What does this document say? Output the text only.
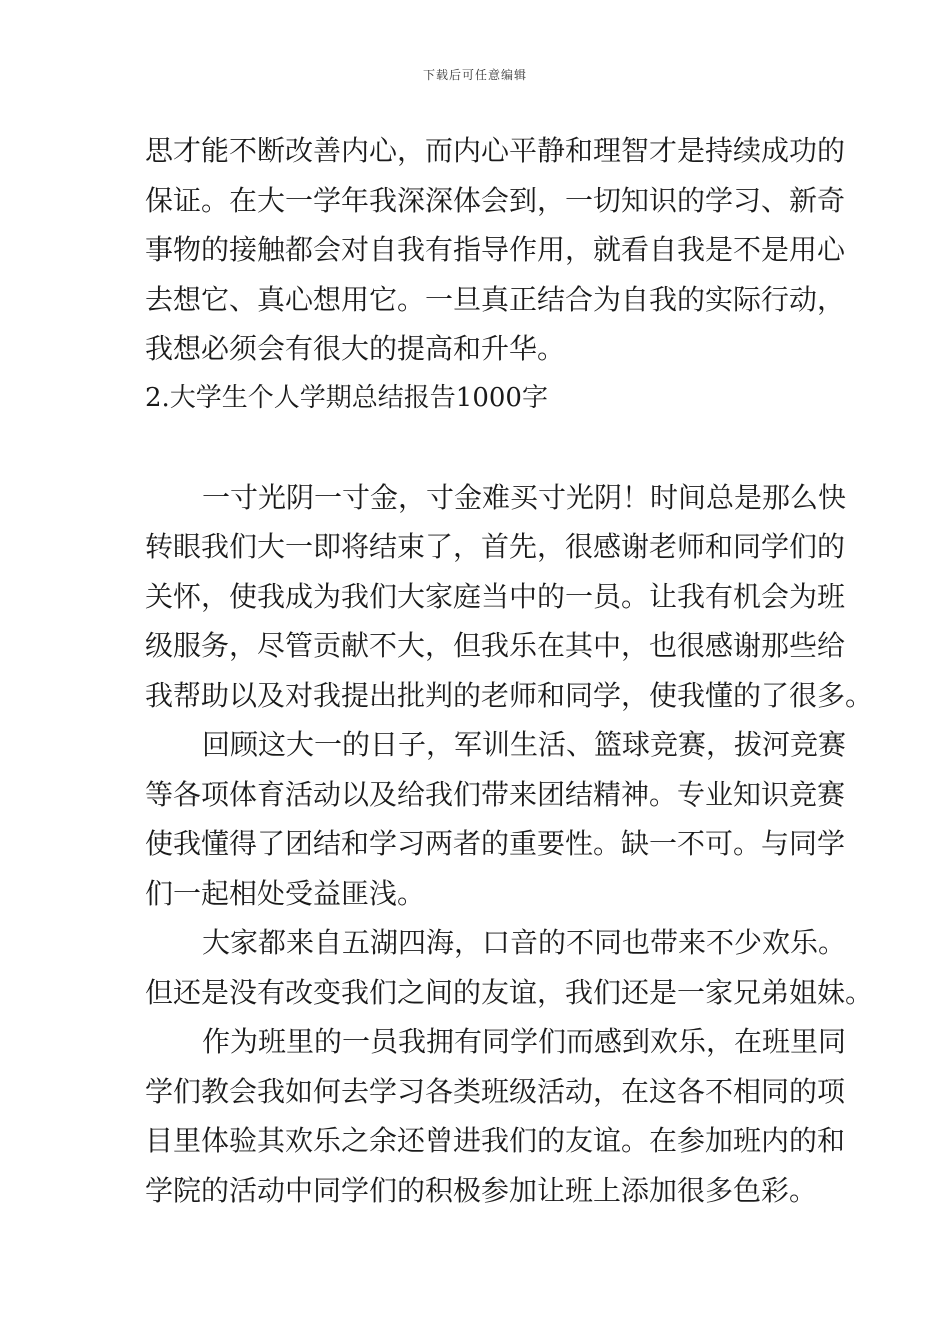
下载后可任意编辑
思才能不断改善内心，而内心平静和理智才是持续成功的
保证。在大一学年我深深体会到，一切知识的学习、新奇
事物的接触都会对自我有指导作用，就看自我是不是用心
去想它、真心想用它。一旦真正结合为自我的实际行动，
我想必须会有很大的提高和升华。
2.大学生个人学期总结报告1000字
一寸光阴一寸金，寸金难买寸光阴！时间总是那么快
转眼我们大一即将结束了，首先，很感谢老师和同学们的
关怀，使我成为我们大家庭当中的一员。让我有机会为班
级服务，尽管贡献不大，但我乐在其中，也很感谢那些给
我帮助以及对我提出批判的老师和同学，使我懂的了很多。
回顾这大一的日子，军训生活、篮球竞赛，拔河竞赛
等各项体育活动以及给我们带来团结精神。专业知识竞赛
使我懂得了团结和学习两者的重要性。缺一不可。与同学
们一起相处受益匪浅。
大家都来自五湖四海，口音的不同也带来不少欢乐。
但还是没有改变我们之间的友谊，我们还是一家兄弟姐妹。
作为班里的一员我拥有同学们而感到欢乐，在班里同
学们教会我如何去学习各类班级活动，在这各不相同的项
目里体验其欢乐之余还曾进我们的友谊。在参加班内的和
学院的活动中同学们的积极参加让班上添加很多色彩。
